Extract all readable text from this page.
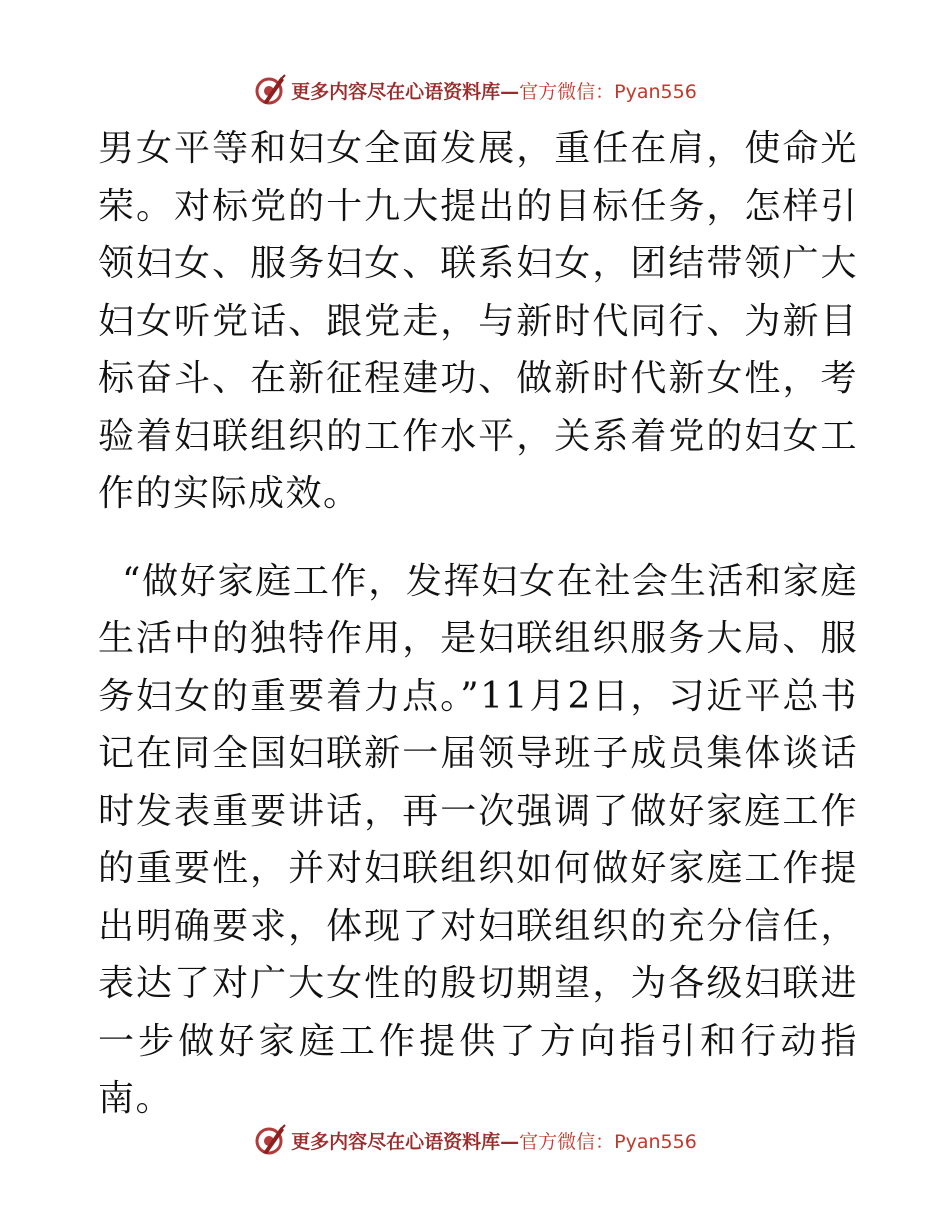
更多内容尽在心语资料库— 官方微信：Pyan556

男女平等和妇女全面发展，重任在肩，使命光荣。对标党的十九大提出的目标任务，怎样引领妇女、服务妇女、联系妇女，团结带领广大妇女听党话、跟党走，与新时代同行、为新目标奋斗、在新征程建功、做新时代新女性，考验着妇联组织的工作水平，关系着党的妇女工作的实际成效。

“做好家庭工作，发挥妇女在社会生活和家庭生活中的独特作用，是妇联组织服务大局、服务妇女的重要着力点。”11月2日，习近平总书记在同全国妇联新一届领导班子成员集体谈话时发表重要讲话，再一次强调了做好家庭工作的重要性，并对妇联组织如何做好家庭工作提出明确要求，体现了对妇联组织的充分信任，表达了对广大女性的殷切期望，为各级妇联进一步做好家庭工作提供了方向指引和行动指南。

更多内容尽在心语资料库— 官方微信：Pyan556
